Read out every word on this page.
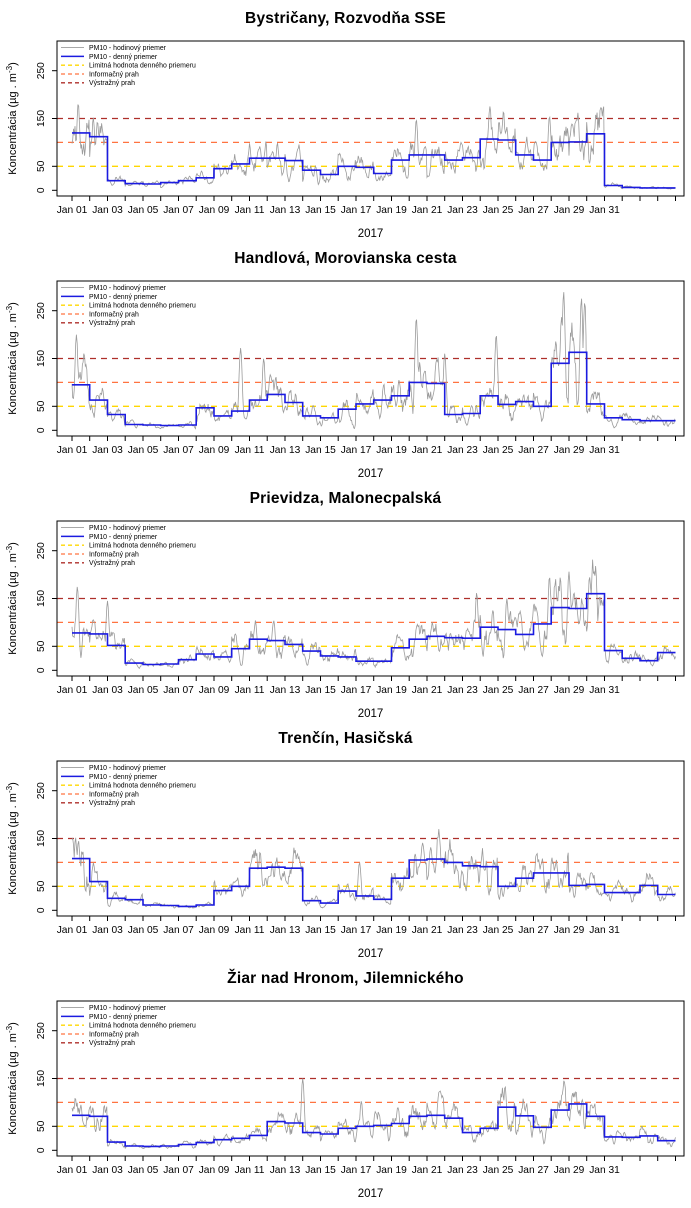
Bystričany, Rozvodňa SSE
Jan 01 Jan 03 Jan 05 Jan 07 Jan 09 Jan 11 Jan 13 Jan 15 Jan 17 Jan 19 Jan 21 Jan 23 Jan 25 Jan 27 Jan 29 Jan 31
2017
0
50
150
250
Koncentrácia (µg . $m^{-3}$)
PM10 - hodinový priemer
PM10 - denný priemer
Limitná hodnota denného priemeru
Informačný prah
Výstražný prah
Handlová, Morovianska cesta
Jan 01 Jan 03 Jan 05 Jan 07 Jan 09 Jan 11 Jan 13 Jan 15 Jan 17 Jan 19 Jan 21 Jan 23 Jan 25 Jan 27 Jan 29 Jan 31
2017
0
50
150
250
Koncentrácia (µg . $m^{-3}$)
PM10 - hodinový priemer
PM10 - denný priemer
Limitná hodnota denného priemeru
Informačný prah
Výstražný prah
Prievidza, Malonecpalská
Jan 01 Jan 03 Jan 05 Jan 07 Jan 09 Jan 11 Jan 13 Jan 15 Jan 17 Jan 19 Jan 21 Jan 23 Jan 25 Jan 27 Jan 29 Jan 31
2017
0
50
150
250
Koncentrácia (µg . $m^{-3}$)
PM10 - hodinový priemer
PM10 - denný priemer
Limitná hodnota denného priemeru
Informačný prah
Výstražný prah
Trenčín, Hasičská
Jan 01 Jan 03 Jan 05 Jan 07 Jan 09 Jan 11 Jan 13 Jan 15 Jan 17 Jan 19 Jan 21 Jan 23 Jan 25 Jan 27 Jan 29 Jan 31
2017
0
50
150
250
Koncentrácia (µg . $m^{-3}$)
PM10 - hodinový priemer
PM10 - denný priemer
Limitná hodnota denného priemeru
Informačný prah
Výstražný prah
Žiar nad Hronom, Jilemnického
Jan 01 Jan 03 Jan 05 Jan 07 Jan 09 Jan 11 Jan 13 Jan 15 Jan 17 Jan 19 Jan 21 Jan 23 Jan 25 Jan 27 Jan 29 Jan 31
2017
0
50
150
250
Koncentrácia (µg . $m^{-3}$)
PM10 - hodinový priemer
PM10 - denný priemer
Limitná hodnota denného priemeru
Informačný prah
Výstražný prah
